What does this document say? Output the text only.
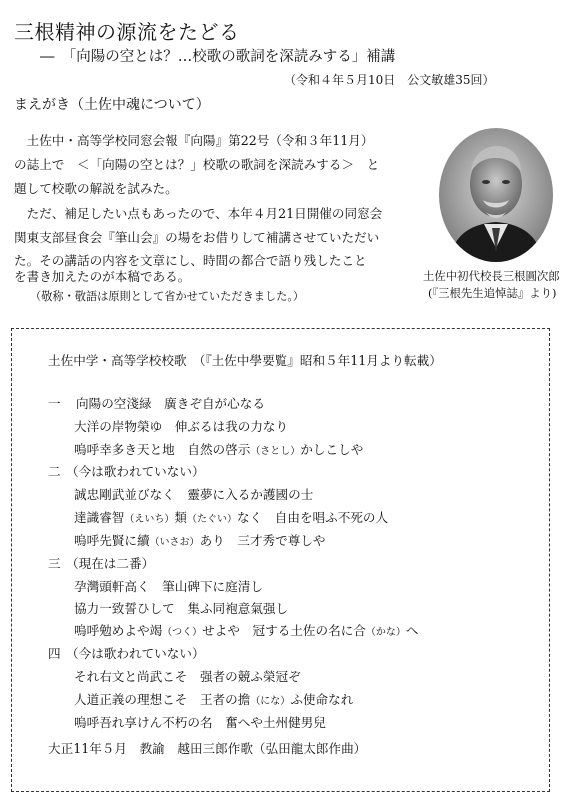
三根精神の源流をたどる
―　「向陽の空とは？…校歌の歌詞を深読みする」補講
（令和４年５月10日　公文敏雄35回）
まえがき（土佐中魂について）
　土佐中・高等学校同窓会報『向陽』第22号（令和３年11月）
の誌上で　＜「向陽の空とは？」校歌の歌詞を深読みする＞　と
題して校歌の解説を試みた。
　ただ、補足したい点もあったので、本年４月21日開催の同窓会
関東支部昼食会『筆山会』の場をお借りして補講させていただい
た。その講話の内容を文章にし、時間の都合で語り残したこと
を書き加えたのが本稿である。
（敬称・敬語は原則として省かせていただきました。）
土佐中初代校長三根圓次郎
(『三根先生追悼誌』より)
土佐中学・高等学校校歌　（『土佐中學要覧』昭和５年11月より転載）
一 向陽の空淺緑　廣きぞ自が心なる
大洋の岸物榮ゆ　伸ぶるは我の力なり
嗚呼幸多き天と地　自然の啓示（さとし）かしこしや
二 （今は歌われていない）
誠忠剛武並びなく　靈夢に入るか護國の士
達識睿智（えいち）類（たぐい）なく　自由を唱ふ不死の人
嗚呼先賢に續（いさお）あり　三才秀で尊しや
三 （現在は二番）
孕灣頭軒高く　筆山碑下に庭清し
協力一致誓ひして　集ふ同袍意氣强し
嗚呼勉めよや竭（つく）せよや　冠する土佐の名に合（かな）へ
四 （今は歌われていない）
それ右文と尚武こそ　强者の競ふ榮冠ぞ
人道正義の理想こそ　王者の擔（にな）ふ使命なれ
嗚呼吾れ享けん不朽の名　奮へや土州健男兒
大正11年５月　教諭　越田三郎作歌（弘田龍太郎作曲）
